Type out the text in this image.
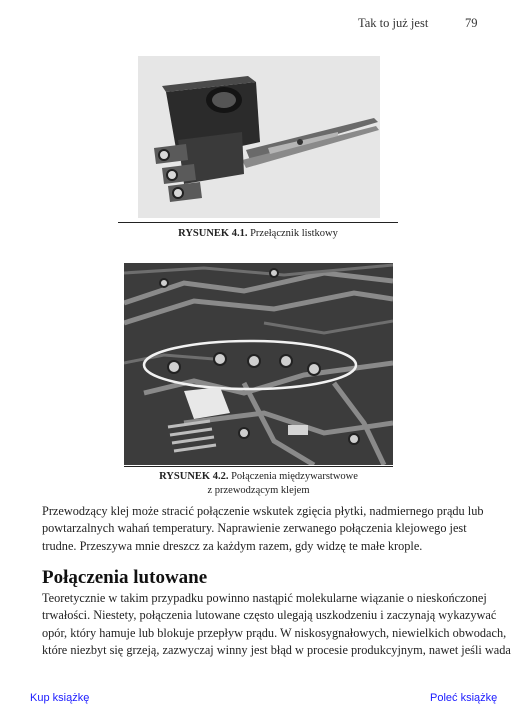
Tak to już jest	79
RYSUNEK 4.1. Przełącznik listkowy
RYSUNEK 4.2. Połączenia międzywarstwowe
z przewodzącym klejem
Przewodzący klej może stracić połączenie wskutek zgięcia płytki, nadmiernego prądu lub
powtarzalnych wahań temperatury. Naprawienie zerwanego połączenia klejowego jest
trudne. Przeszywa mnie dreszcz za każdym razem, gdy widzę te małe krople.
Połączenia lutowane
Teoretycznie w takim przypadku powinno nastąpić molekularne wiązanie o nieskończonej
trwałości. Niestety, połączenia lutowane często ulegają uszkodzeniu i zaczynają wykazywać
opór, który hamuje lub blokuje przepływ prądu. W niskosygnałowych, niewielkich obwodach,
które niezbyt się grzeją, zazwyczaj winny jest błąd w procesie produkcyjnym, nawet jeśli wada
Kup książkę	Poleć książkę
